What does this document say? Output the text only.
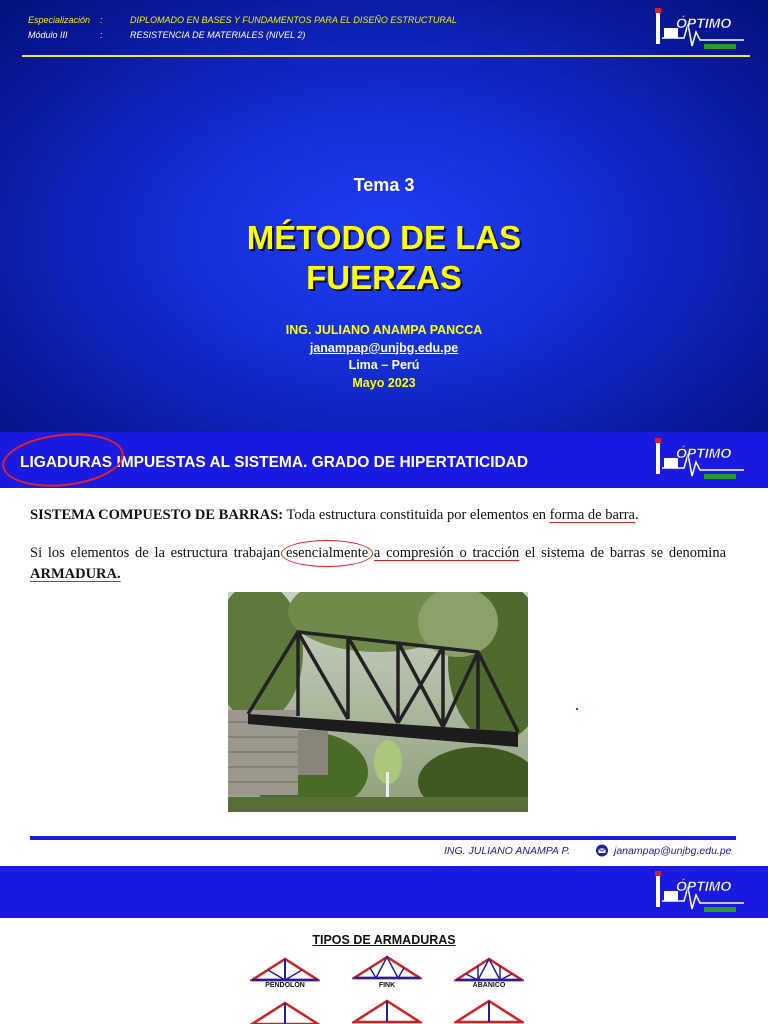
Especialización :	DIPLOMADO EN BASES Y FUNDAMENTOS PARA EL DISEÑO ESTRUCTURAL
Módulo III	:	RESISTENCIA DE MATERIALES (NIVEL 2)
ÓPTIMO
Tema 3
MÉTODO DE LAS
FUERZAS
ING. JULIANO ANAMPA PANCCA
janampap@unjbg.edu.pe
Lima – Perú
Mayo 2023
LIGADURAS IMPUESTAS AL SISTEMA. GRADO DE HIPERTATICIDAD
ÓPTIMO

SISTEMA COMPUESTO DE BARRAS: Toda estructura constituida por elementos en forma de barra.

Si los elementos de la estructura trabajan esencialmente a compresión o tracción el sistema de barras se denomina ARMADURA.

ING. JULIANO ANAMPA P.	janampap@unjbg.edu.pe
ÓPTIMO
TIPOS DE ARMADURAS
PENDOLÓN	FINK	ABANICO
